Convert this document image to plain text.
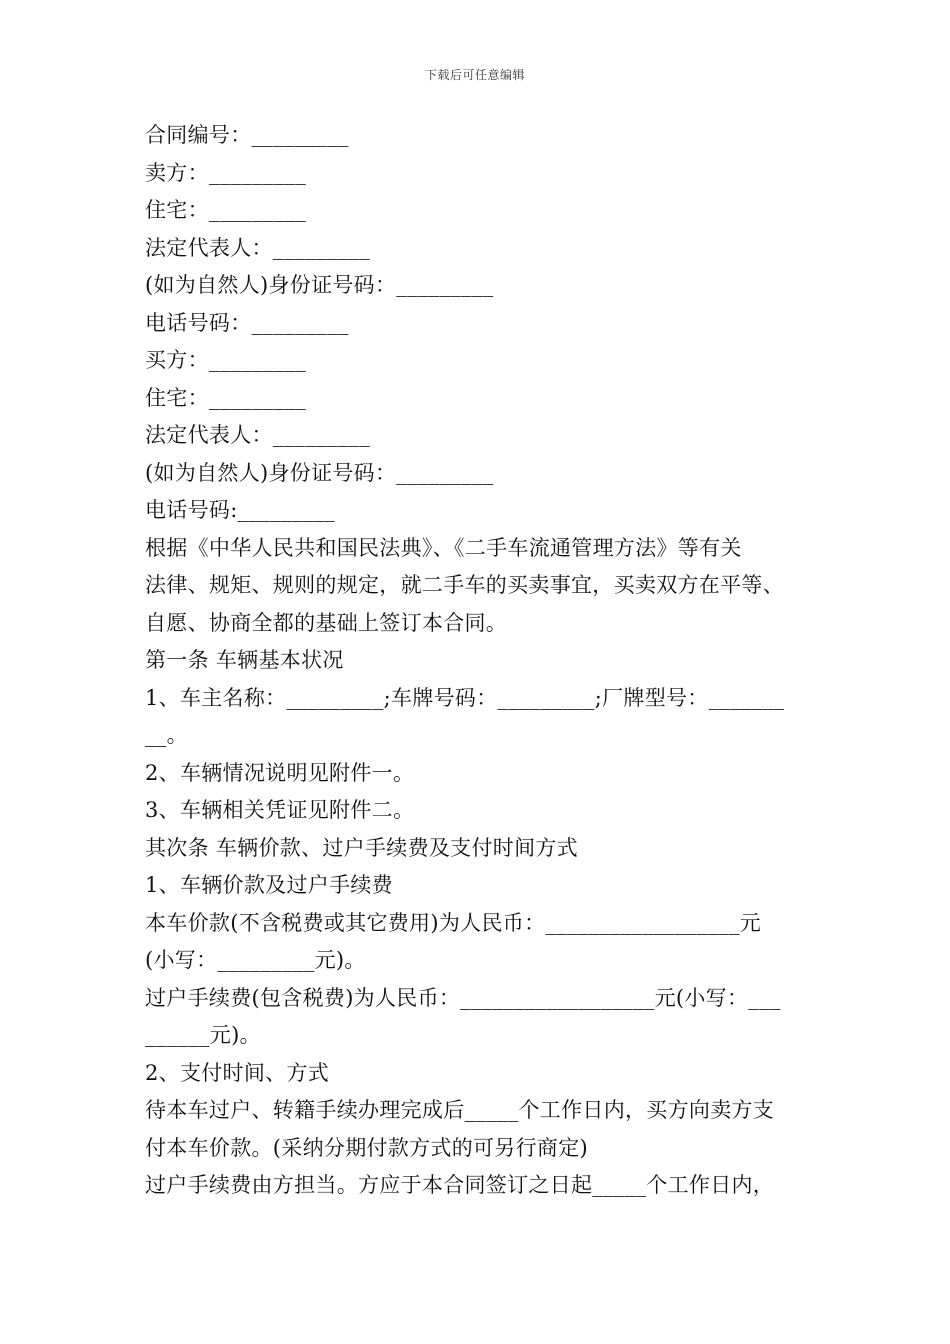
下载后可任意编辑
合同编号：_________
卖方：_________
住宅：_________
法定代表人：_________
(如为自然人)身份证号码：_________
电话号码：_________
买方：_________
住宅：_________
法定代表人：_________
(如为自然人)身份证号码：_________
电话号码:_________
根据《中华人民共和国民法典》、《二手车流通管理方法》等有关
法律、规矩、规则的规定，就二手车的买卖事宜，买卖双方在平等、
自愿、协商全都的基础上签订本合同。
第一条 车辆基本状况
1、车主名称：_________;车牌号码：_________;厂牌型号：_______
__。
2、车辆情况说明见附件一。
3、车辆相关凭证见附件二。
其次条 车辆价款、过户手续费及支付时间方式
1、车辆价款及过户手续费
本车价款(不含税费或其它费用)为人民币：__________________元
(小写：_________元)。
过户手续费(包含税费)为人民币：__________________元(小写：___
______元)。
2、支付时间、方式
待本车过户、转籍手续办理完成后_____个工作日内，买方向卖方支
付本车价款。(采纳分期付款方式的可另行商定)
过户手续费由方担当。方应于本合同签订之日起_____个工作日内，
